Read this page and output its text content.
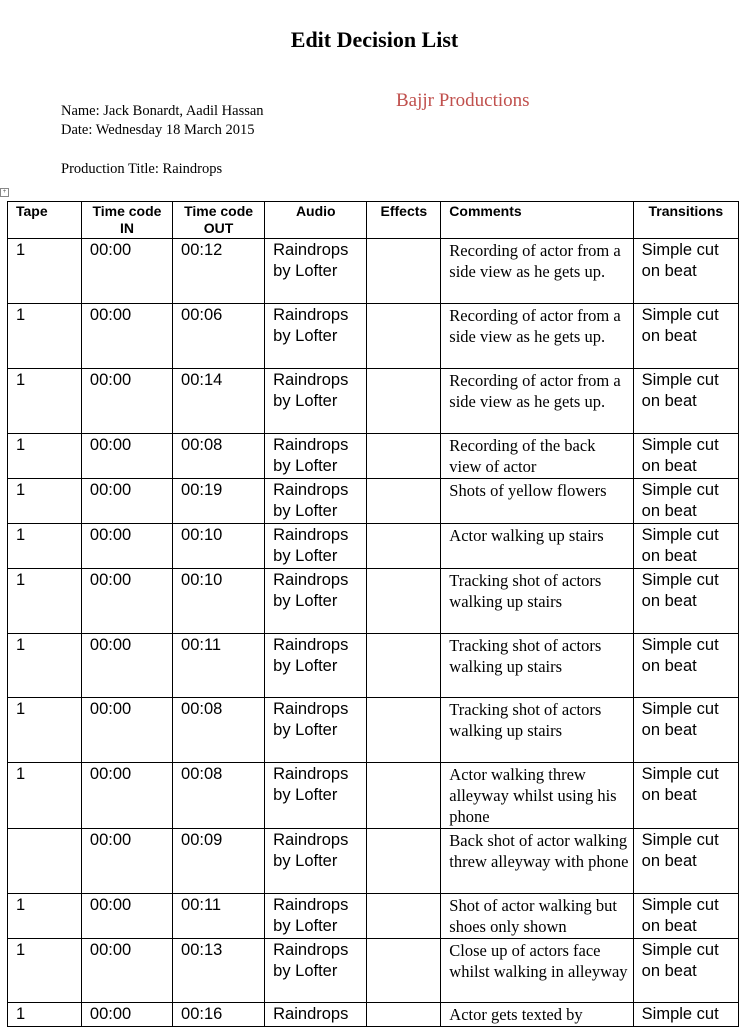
Edit Decision List
Bajjr Productions
Name: Jack Bonardt, Aadil Hassan
Date: Wednesday 18 March 2015
Production Title: Raindrops
+
Tape	Time code IN	Time code OUT	Audio	Effects	Comments	Transitions
1	00:00	00:12	Raindrops by Lofter		Recording of actor from a side view as he gets up.	Simple cut on beat
1	00:00	00:06	Raindrops by Lofter		Recording of actor from a side view as he gets up.	Simple cut on beat
1	00:00	00:14	Raindrops by Lofter		Recording of actor from a side view as he gets up.	Simple cut on beat
1	00:00	00:08	Raindrops by Lofter		Recording of the back view of actor	Simple cut on beat
1	00:00	00:19	Raindrops by Lofter		Shots of yellow flowers	Simple cut on beat
1	00:00	00:10	Raindrops by Lofter		Actor walking up stairs	Simple cut on beat
1	00:00	00:10	Raindrops by Lofter		Tracking shot of actors walking up stairs	Simple cut on beat
1	00:00	00:11	Raindrops by Lofter		Tracking shot of actors walking up stairs	Simple cut on beat
1	00:00	00:08	Raindrops by Lofter		Tracking shot of actors walking up stairs	Simple cut on beat
1	00:00	00:08	Raindrops by Lofter		Actor walking threw alleyway whilst using his phone	Simple cut on beat
	00:00	00:09	Raindrops by Lofter		Back shot of actor walking threw alleyway with phone	Simple cut on beat
1	00:00	00:11	Raindrops by Lofter		Shot of actor walking but shoes only shown	Simple cut on beat
1	00:00	00:13	Raindrops by Lofter		Close up of actors face whilst walking in alleyway	Simple cut on beat
1	00:00	00:16	Raindrops		Actor gets texted by	Simple cut
